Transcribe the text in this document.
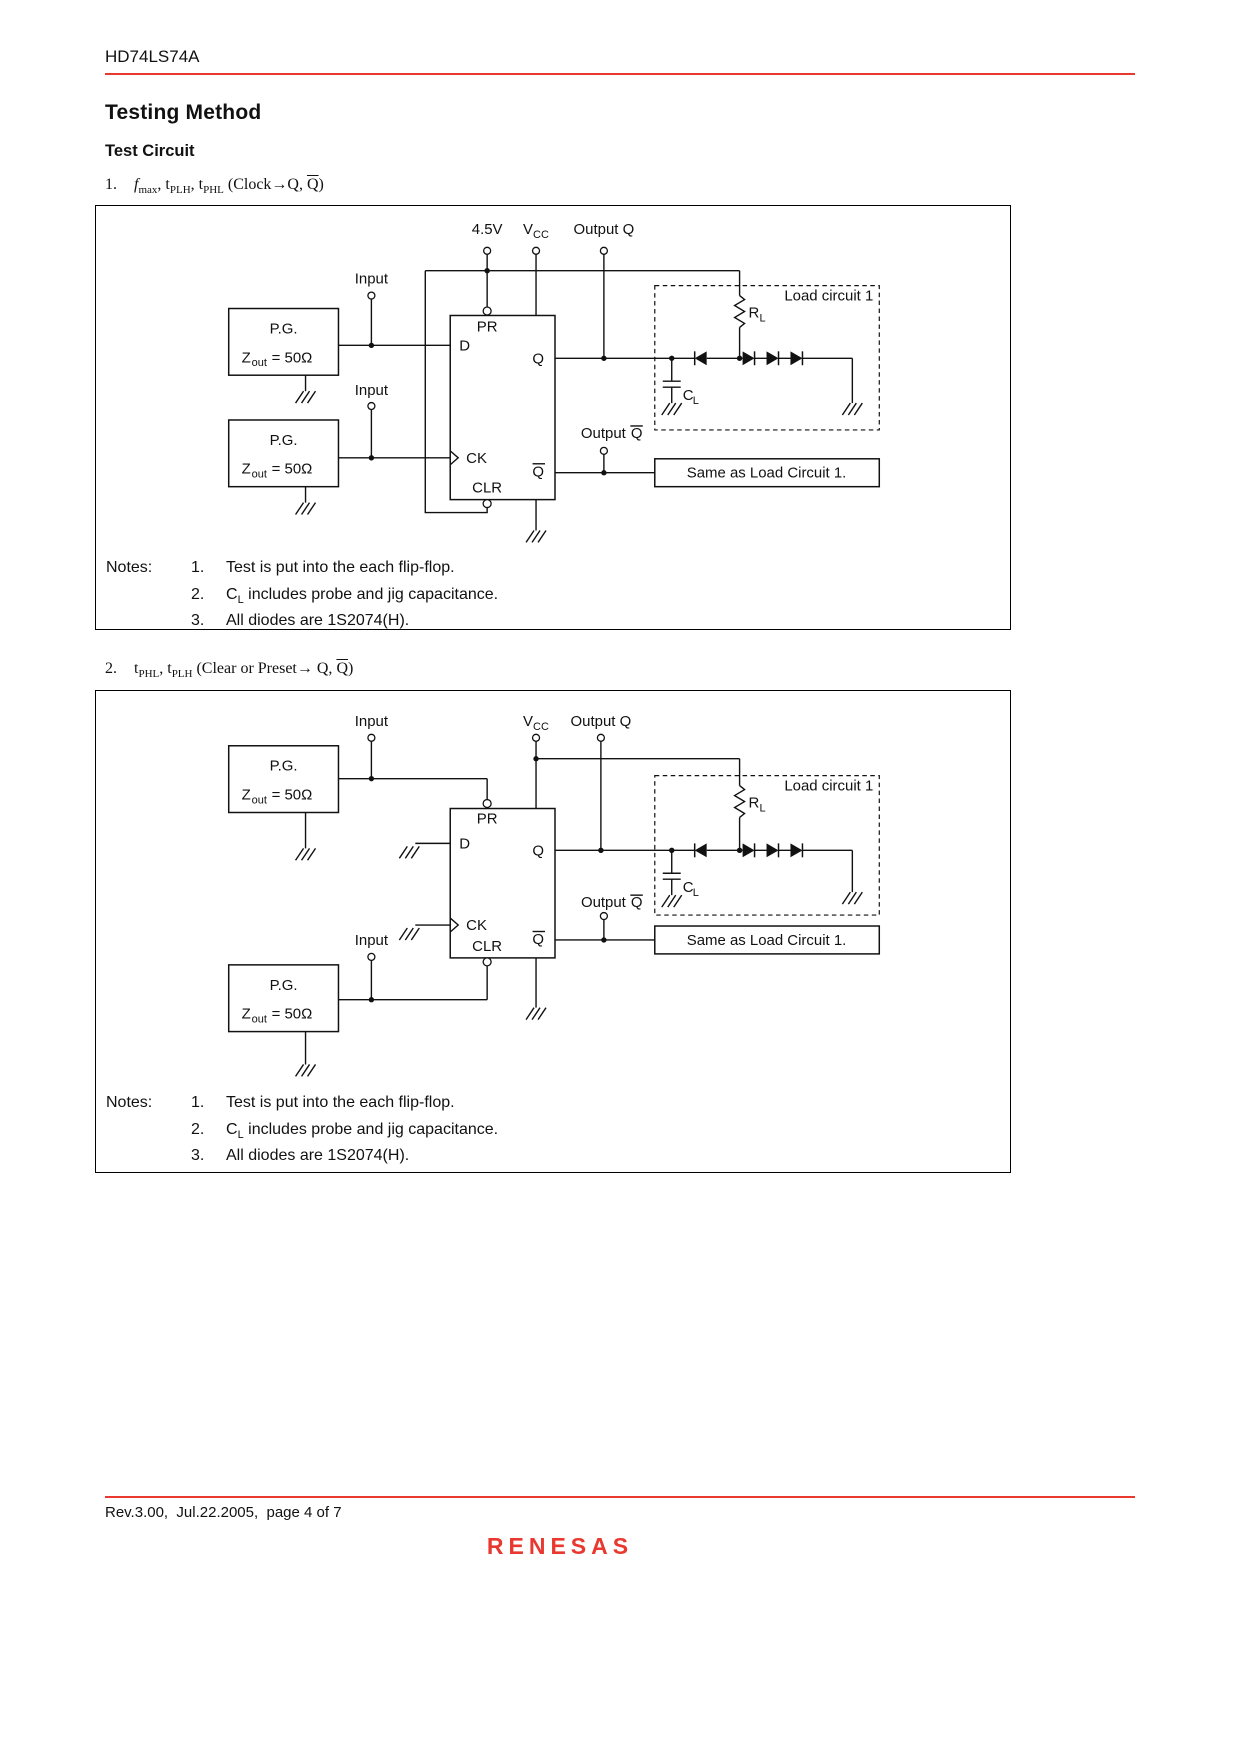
HD74LS74A
Testing Method
Test Circuit
1. $f_{max}$, $t_{PLH}$, $t_{PHL}$ (Clock→Q, $\overline{Q}$)
P.G.
Z out = 50Ω
P.G.
Z out = 50Ω
PR
D
Q
CK
CLR
Q
Load circuit 1
R L
C L
Same as Load Circuit 1.
4.5V V CC Output Q
Input
Input
Output Q
Notes:	1.	Test is put into the each flip-flop.
2.	$C_L$ includes probe and jig capacitance.
3.	All diodes are 1S2074(H).
2. $t_{PHL}$, $t_{PLH}$ (Clear or Preset→ Q, $\overline{Q}$)
P.G.
Z out = 50Ω
P.G.
Z out = 50Ω
PR
D	Q
CK
CLR Q
Load circuit 1
R L
C L
Same as Load Circuit 1.
Input	V CC Output Q
Input
Output Q
Notes:	1.	Test is put into the each flip-flop.
2.	$C_L$ includes probe and jig capacitance.
3.	All diodes are 1S2074(H).
Rev.3.00,  Jul.22.2005,  page 4 of 7
RENESAS
